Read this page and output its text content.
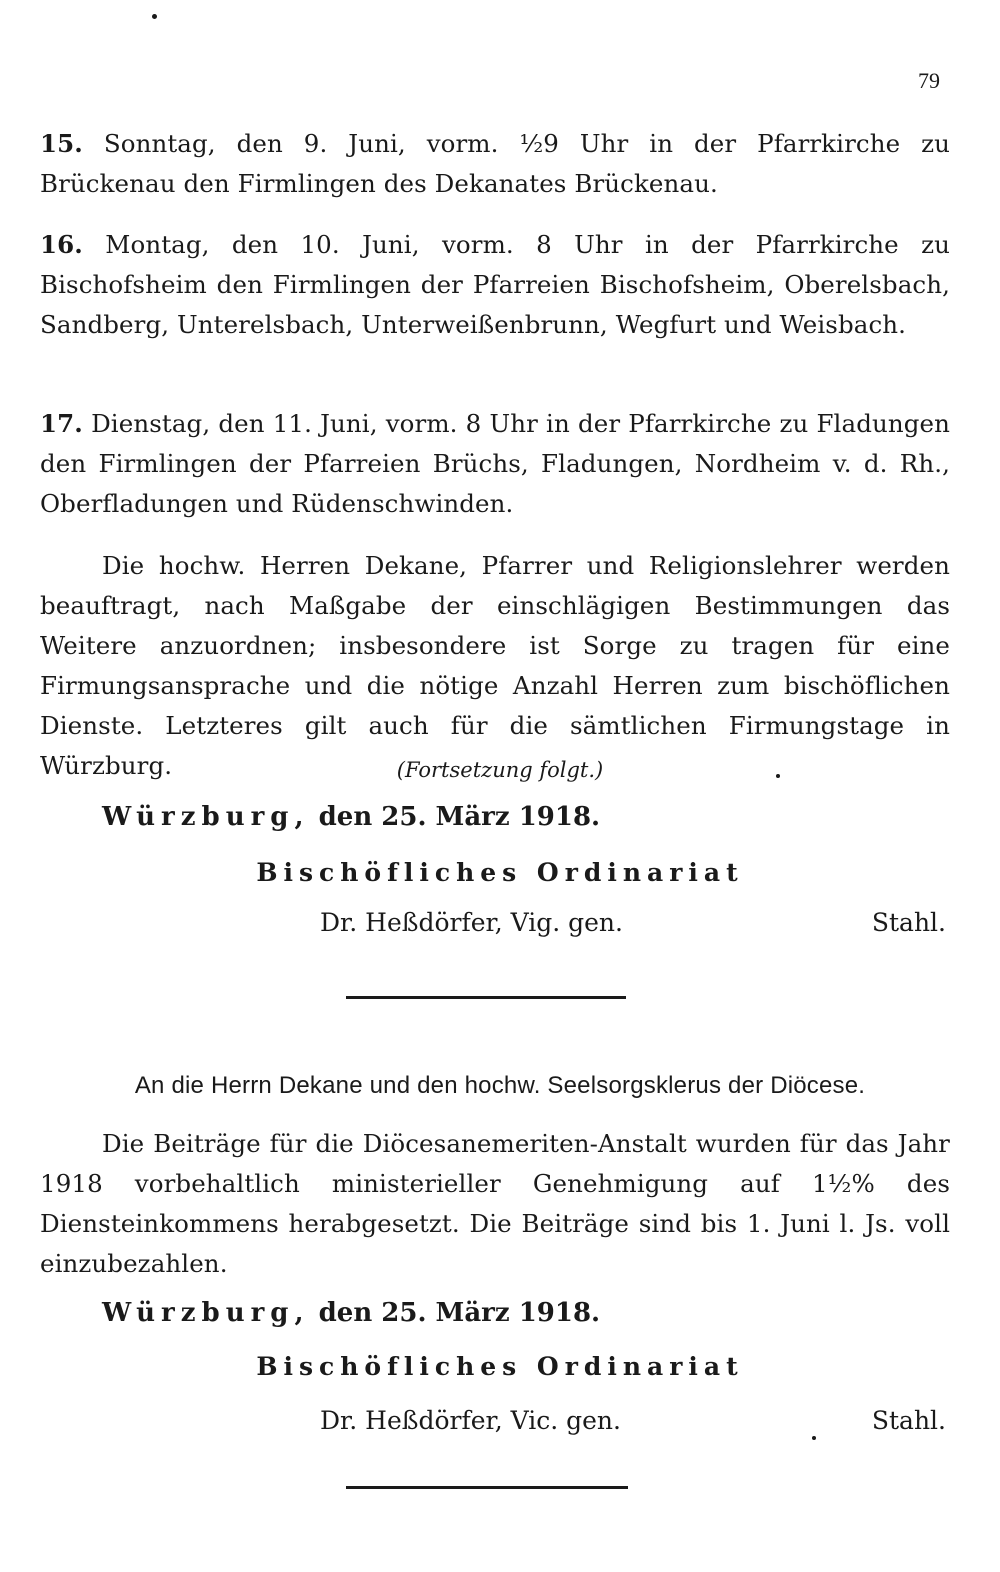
79

15. Sonntag, den 9. Juni, vorm. ½9 Uhr in der Pfarrkirche zu Brückenau den Firmlingen des Dekanates Brückenau.

16. Montag, den 10. Juni, vorm. 8 Uhr in der Pfarrkirche zu Bischofsheim den Firmlingen der Pfarreien Bischofsheim, Oberelsbach, Sandberg, Unterelsbach, Unterweißenbrunn, Wegfurt und Weisbach.

17. Dienstag, den 11. Juni, vorm. 8 Uhr in der Pfarrkirche zu Fladungen den Firmlingen der Pfarreien Brüchs, Fladungen, Nordheim v. d. Rh., Oberfladungen und Rüdenschwinden.

Die hochw. Herren Dekane, Pfarrer und Religionslehrer werden beauftragt, nach Maßgabe der einschlägigen Bestimmungen das Weitere anzuordnen; insbesondere ist Sorge zu tragen für eine Firmungsansprache und die nötige Anzahl Herren zum bischöflichen Dienste. Letzteres gilt auch für die sämtlichen Firmungstage in Würzburg.	(Fortsetzung folgt.)
Würzburg, den 25. März 1918.
Bischöfliches Ordinariat
Dr. Heßdörfer, Vig. gen.	Stahl.
An die Herrn Dekane und den hochw. Seelsorgsklerus der Diöcese.

Die Beiträge für die Diöcesanemeriten-Anstalt wurden für das Jahr 1918 vorbehaltlich ministerieller Genehmigung auf 1½% des Diensteinkommens herabgesetzt. Die Beiträge sind bis 1. Juni l. Js. voll einzubezahlen.

Würzburg, den 25. März 1918.
Bischöfliches Ordinariat
Dr. Heßdörfer, Vic. gen.	Stahl.
